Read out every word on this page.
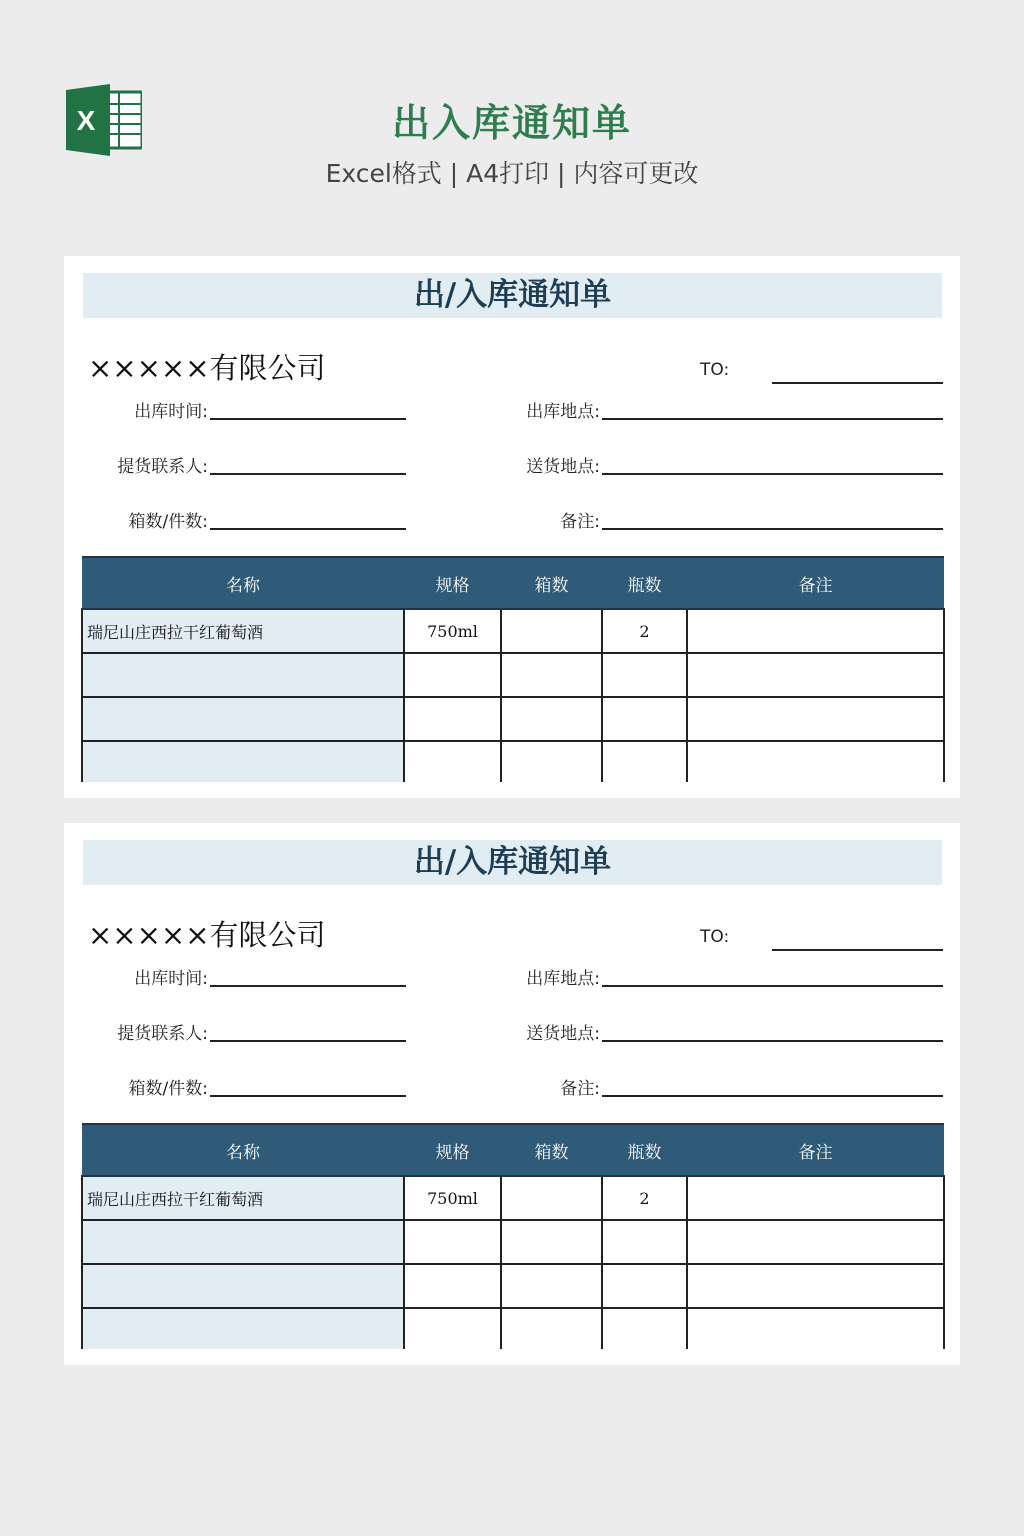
X	出入库通知单
Excel格式 | A4打印 | 内容可更改
出/入库通知单
×××××有限公司	TO:
出库时间:	出库地点:
提货联系人:	送货地点:
箱数/件数:	备注:
名称	规格	箱数	瓶数	备注
瑞尼山庄西拉干红葡萄酒	750ml		2	

出/入库通知单
×××××有限公司	TO:
出库时间:	出库地点:
提货联系人:	送货地点:
箱数/件数:	备注:
名称	规格	箱数	瓶数	备注
瑞尼山庄西拉干红葡萄酒	750ml		2	
